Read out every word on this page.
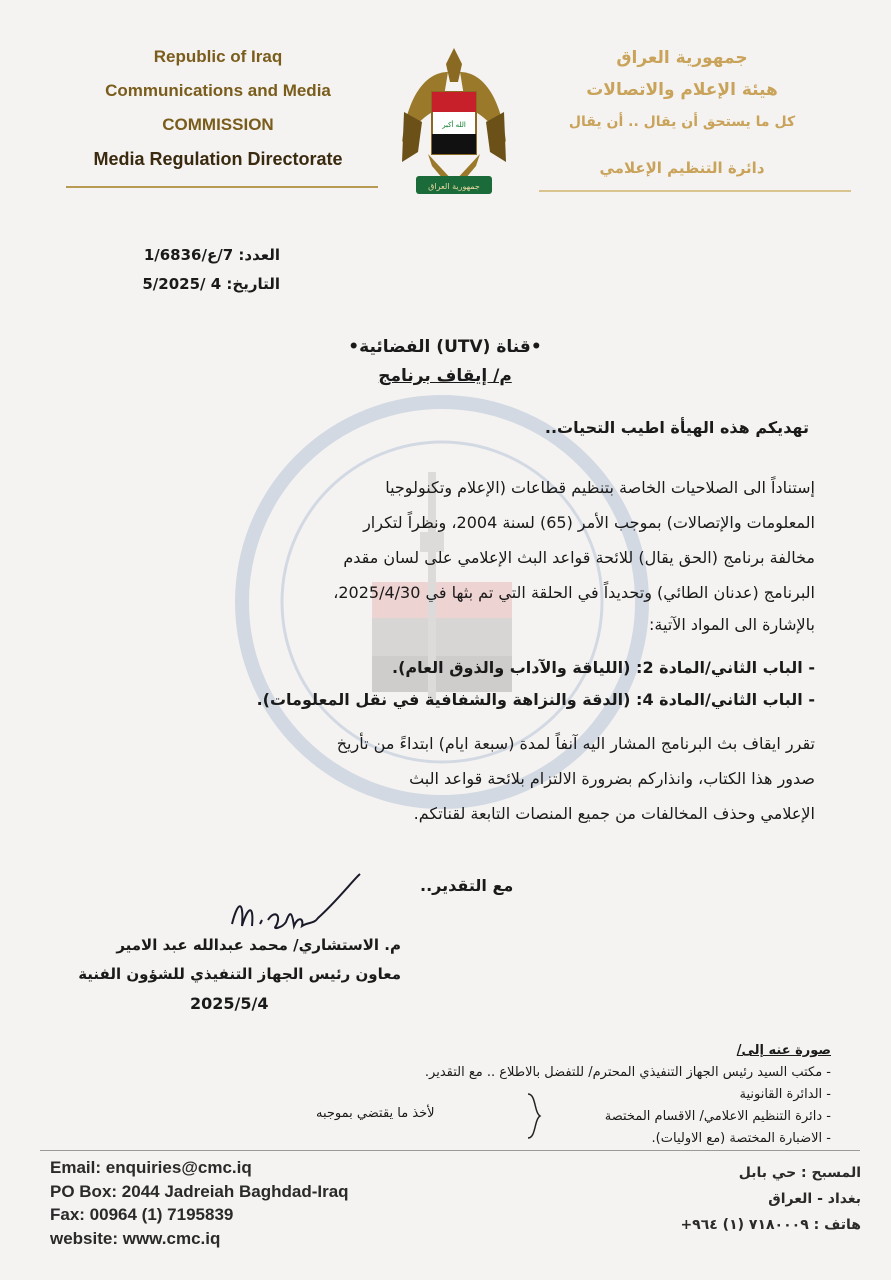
Republic of Iraq
Communications and Media
COMMISSION
Media Regulation Directorate
الله أكبر
جمهورية العراق
جمهورية العراق
هيئة الإعلام والاتصالات
كل ما يستحق أن يقال .. أن يقال
دائرة التنظيم الإعلامي
العدد: 7/ع/1/6836
التاريخ: 4 /5/2025
•قناة (UTV) الفضائية•
م/ إيقاف برنامج
تهديكم هذه الهيأة اطيب التحيات..
إستناداً الى الصلاحيات الخاصة بتنظيم قطاعات (الإعلام وتكنولوجيا
المعلومات والإتصالات) بموجب الأمر (65) لسنة 2004، ونظراً لتكرار
مخالفة برنامج (الحق يقال) للائحة قواعد البث الإعلامي على لسان مقدم
البرنامج (عدنان الطائي) وتحديداً في الحلقة التي تم بثها في 2025/4/30،
بالإشارة الى المواد الآتية:
- الباب الثاني/المادة 2: (اللياقة والآداب والذوق العام).
- الباب الثاني/المادة 4: (الدقة والنزاهة والشفافية في نقل المعلومات).
تقرر ايقاف بث البرنامج المشار اليه آنفاً لمدة (سبعة ايام) ابتداءً من تأريخ
صدور هذا الكتاب، وانذاركم بضرورة الالتزام بلائحة قواعد البث
الإعلامي وحذف المخالفات من جميع المنصات التابعة لقناتكم.
مع التقدير..
م. الاستشاري/ محمد عبدالله عبد الامير
معاون رئيس الجهاز التنفيذي للشؤون الفنية
2025/5/4
صورة عنه إلى/
- مكتب السيد رئيس الجهاز التنفيذي المحترم/ للتفضل بالاطلاع .. مع التقدير.
- الدائرة القانونية
- دائرة التنظيم الاعلامي/ الاقسام المختصة
- الاضبارة المختصة (مع الاوليات).
لأخذ ما يقتضي بموجبه
Email: enquiries@cmc.iq
PO Box: 2044 Jadreiah Baghdad-Iraq
Fax: 00964 (1) 7195839
website: www.cmc.iq
المسبح : حي بابل
بغداد - العراق
هاتف : ٧١٨٠٠٠٩ (١) ٩٦٤+
